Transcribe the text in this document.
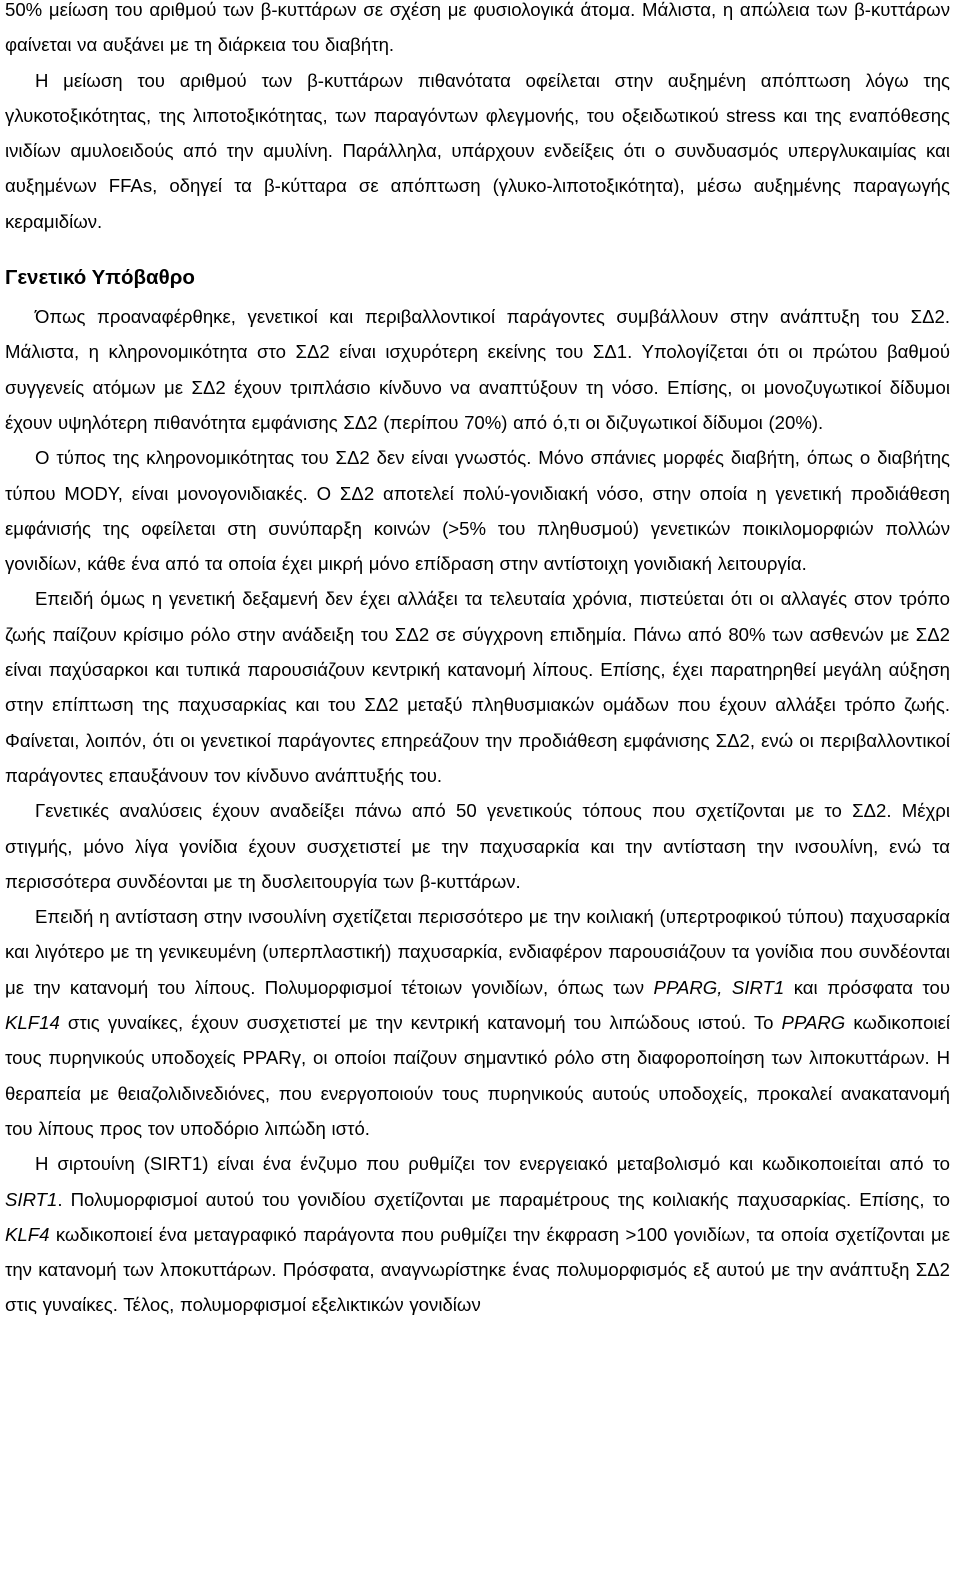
50% μείωση του αριθμού των β-κυττάρων σε σχέση με φυσιολογικά άτομα. Μάλιστα, η απώλεια των β-κυττάρων φαίνεται να αυξάνει με τη διάρκεια του διαβήτη.

Η μείωση του αριθμού των β-κυττάρων πιθανότατα οφείλεται στην αυξημένη απόπτωση λόγω της γλυκοτοξικότητας, της λιποτοξικότητας, των παραγόντων φλεγμονής, του οξειδωτικού stress και της εναπόθεσης ινιδίων αμυλοειδούς από την αμυλίνη. Παράλληλα, υπάρχουν ενδείξεις ότι ο συνδυασμός υπεργλυκαιμίας και αυξημένων FFAs, οδηγεί τα β-κύτταρα σε απόπτωση (γλυκο-λιποτοξικότητα), μέσω αυξημένης παραγωγής κεραμιδίων.

Γενετικό Υπόβαθρο

Όπως προαναφέρθηκε, γενετικοί και περιβαλλοντικοί παράγοντες συμβάλλουν στην ανάπτυξη του ΣΔ2. Μάλιστα, η κληρονομικότητα στο ΣΔ2 είναι ισχυρότερη εκείνης του ΣΔ1. Υπολογίζεται ότι οι πρώτου βαθμού συγγενείς ατόμων με ΣΔ2 έχουν τριπλάσιο κίνδυνο να αναπτύξουν τη νόσο. Επίσης, οι μονοζυγωτικοί δίδυμοι έχουν υψηλότερη πιθανότητα εμφάνισης ΣΔ2 (περίπου 70%) από ό,τι οι διζυγωτικοί δίδυμοι (20%).

Ο τύπος της κληρονομικότητας του ΣΔ2 δεν είναι γνωστός. Μόνο σπάνιες μορφές διαβήτη, όπως ο διαβήτης τύπου MODY, είναι μονογονιδιακές. Ο ΣΔ2 αποτελεί πολύ-γονιδιακή νόσο, στην οποία η γενετική προδιάθεση εμφάνισής της οφείλεται στη συνύπαρξη κοινών (>5% του πληθυσμού) γενετικών ποικιλομορφιών πολλών γονιδίων, κάθε ένα από τα οποία έχει μικρή μόνο επίδραση στην αντίστοιχη γονιδιακή λειτουργία.

Επειδή όμως η γενετική δεξαμενή δεν έχει αλλάξει τα τελευταία χρόνια, πιστεύεται ότι οι αλλαγές στον τρόπο ζωής παίζουν κρίσιμο ρόλο στην ανάδειξη του ΣΔ2 σε σύγχρονη επιδημία. Πάνω από 80% των ασθενών με ΣΔ2 είναι παχύσαρκοι και τυπικά παρουσιάζουν κεντρική κατανομή λίπους. Επίσης, έχει παρατηρηθεί μεγάλη αύξηση στην επίπτωση της παχυσαρκίας και του ΣΔ2 μεταξύ πληθυσμιακών ομάδων που έχουν αλλάξει τρόπο ζωής. Φαίνεται, λοιπόν, ότι οι γενετικοί παράγοντες επηρεάζουν την προδιάθεση εμφάνισης ΣΔ2, ενώ οι περιβαλλοντικοί παράγοντες επαυξάνουν τον κίνδυνο ανάπτυξής του.

Γενετικές αναλύσεις έχουν αναδείξει πάνω από 50 γενετικούς τόπους που σχετίζονται με το ΣΔ2. Μέχρι στιγμής, μόνο λίγα γονίδια έχουν συσχετιστεί με την παχυσαρκία και την αντίσταση την ινσουλίνη, ενώ τα περισσότερα συνδέονται με τη δυσλειτουργία των β-κυττάρων.

Επειδή η αντίσταση στην ινσουλίνη σχετίζεται περισσότερο με την κοιλιακή (υπερτροφικού τύπου) παχυσαρκία και λιγότερο με τη γενικευμένη (υπερπλαστική) παχυσαρκία, ενδιαφέρον παρουσιάζουν τα γονίδια που συνδέονται με την κατανομή του λίπους. Πολυμορφισμοί τέτοιων γονιδίων, όπως των PPARG, SIRT1 και πρόσφατα του KLF14 στις γυναίκες, έχουν συσχετιστεί με την κεντρική κατανομή του λιπώδους ιστού. Το PPARG κωδικοποιεί τους πυρηνικούς υποδοχείς PPARγ, οι οποίοι παίζουν σημαντικό ρόλο στη διαφοροποίηση των λιποκυττάρων. Η θεραπεία με θειαζολιδινεδιόνες, που ενεργοποιούν τους πυρηνικούς αυτούς υποδοχείς, προκαλεί ανακατανομή του λίπους προς τον υποδόριο λιπώδη ιστό.

Η σιρτουίνη (SIRT1) είναι ένα ένζυμο που ρυθμίζει τον ενεργειακό μεταβολισμό και κωδικοποιείται από το SIRT1. Πολυμορφισμοί αυτού του γονιδίου σχετίζονται με παραμέτρους της κοιλιακής παχυσαρκίας. Επίσης, το KLF4 κωδικοποιεί ένα μεταγραφικό παράγοντα που ρυθμίζει την έκφραση >100 γονιδίων, τα οποία σχετίζονται με την κατανομή των λποκυττάρων. Πρόσφατα, αναγνωρίστηκε ένας πολυμορφισμός εξ αυτού με την ανάπτυξη ΣΔ2 στις γυναίκες. Τέλος, πολυμορφισμοί εξελικτικών γονιδίων
